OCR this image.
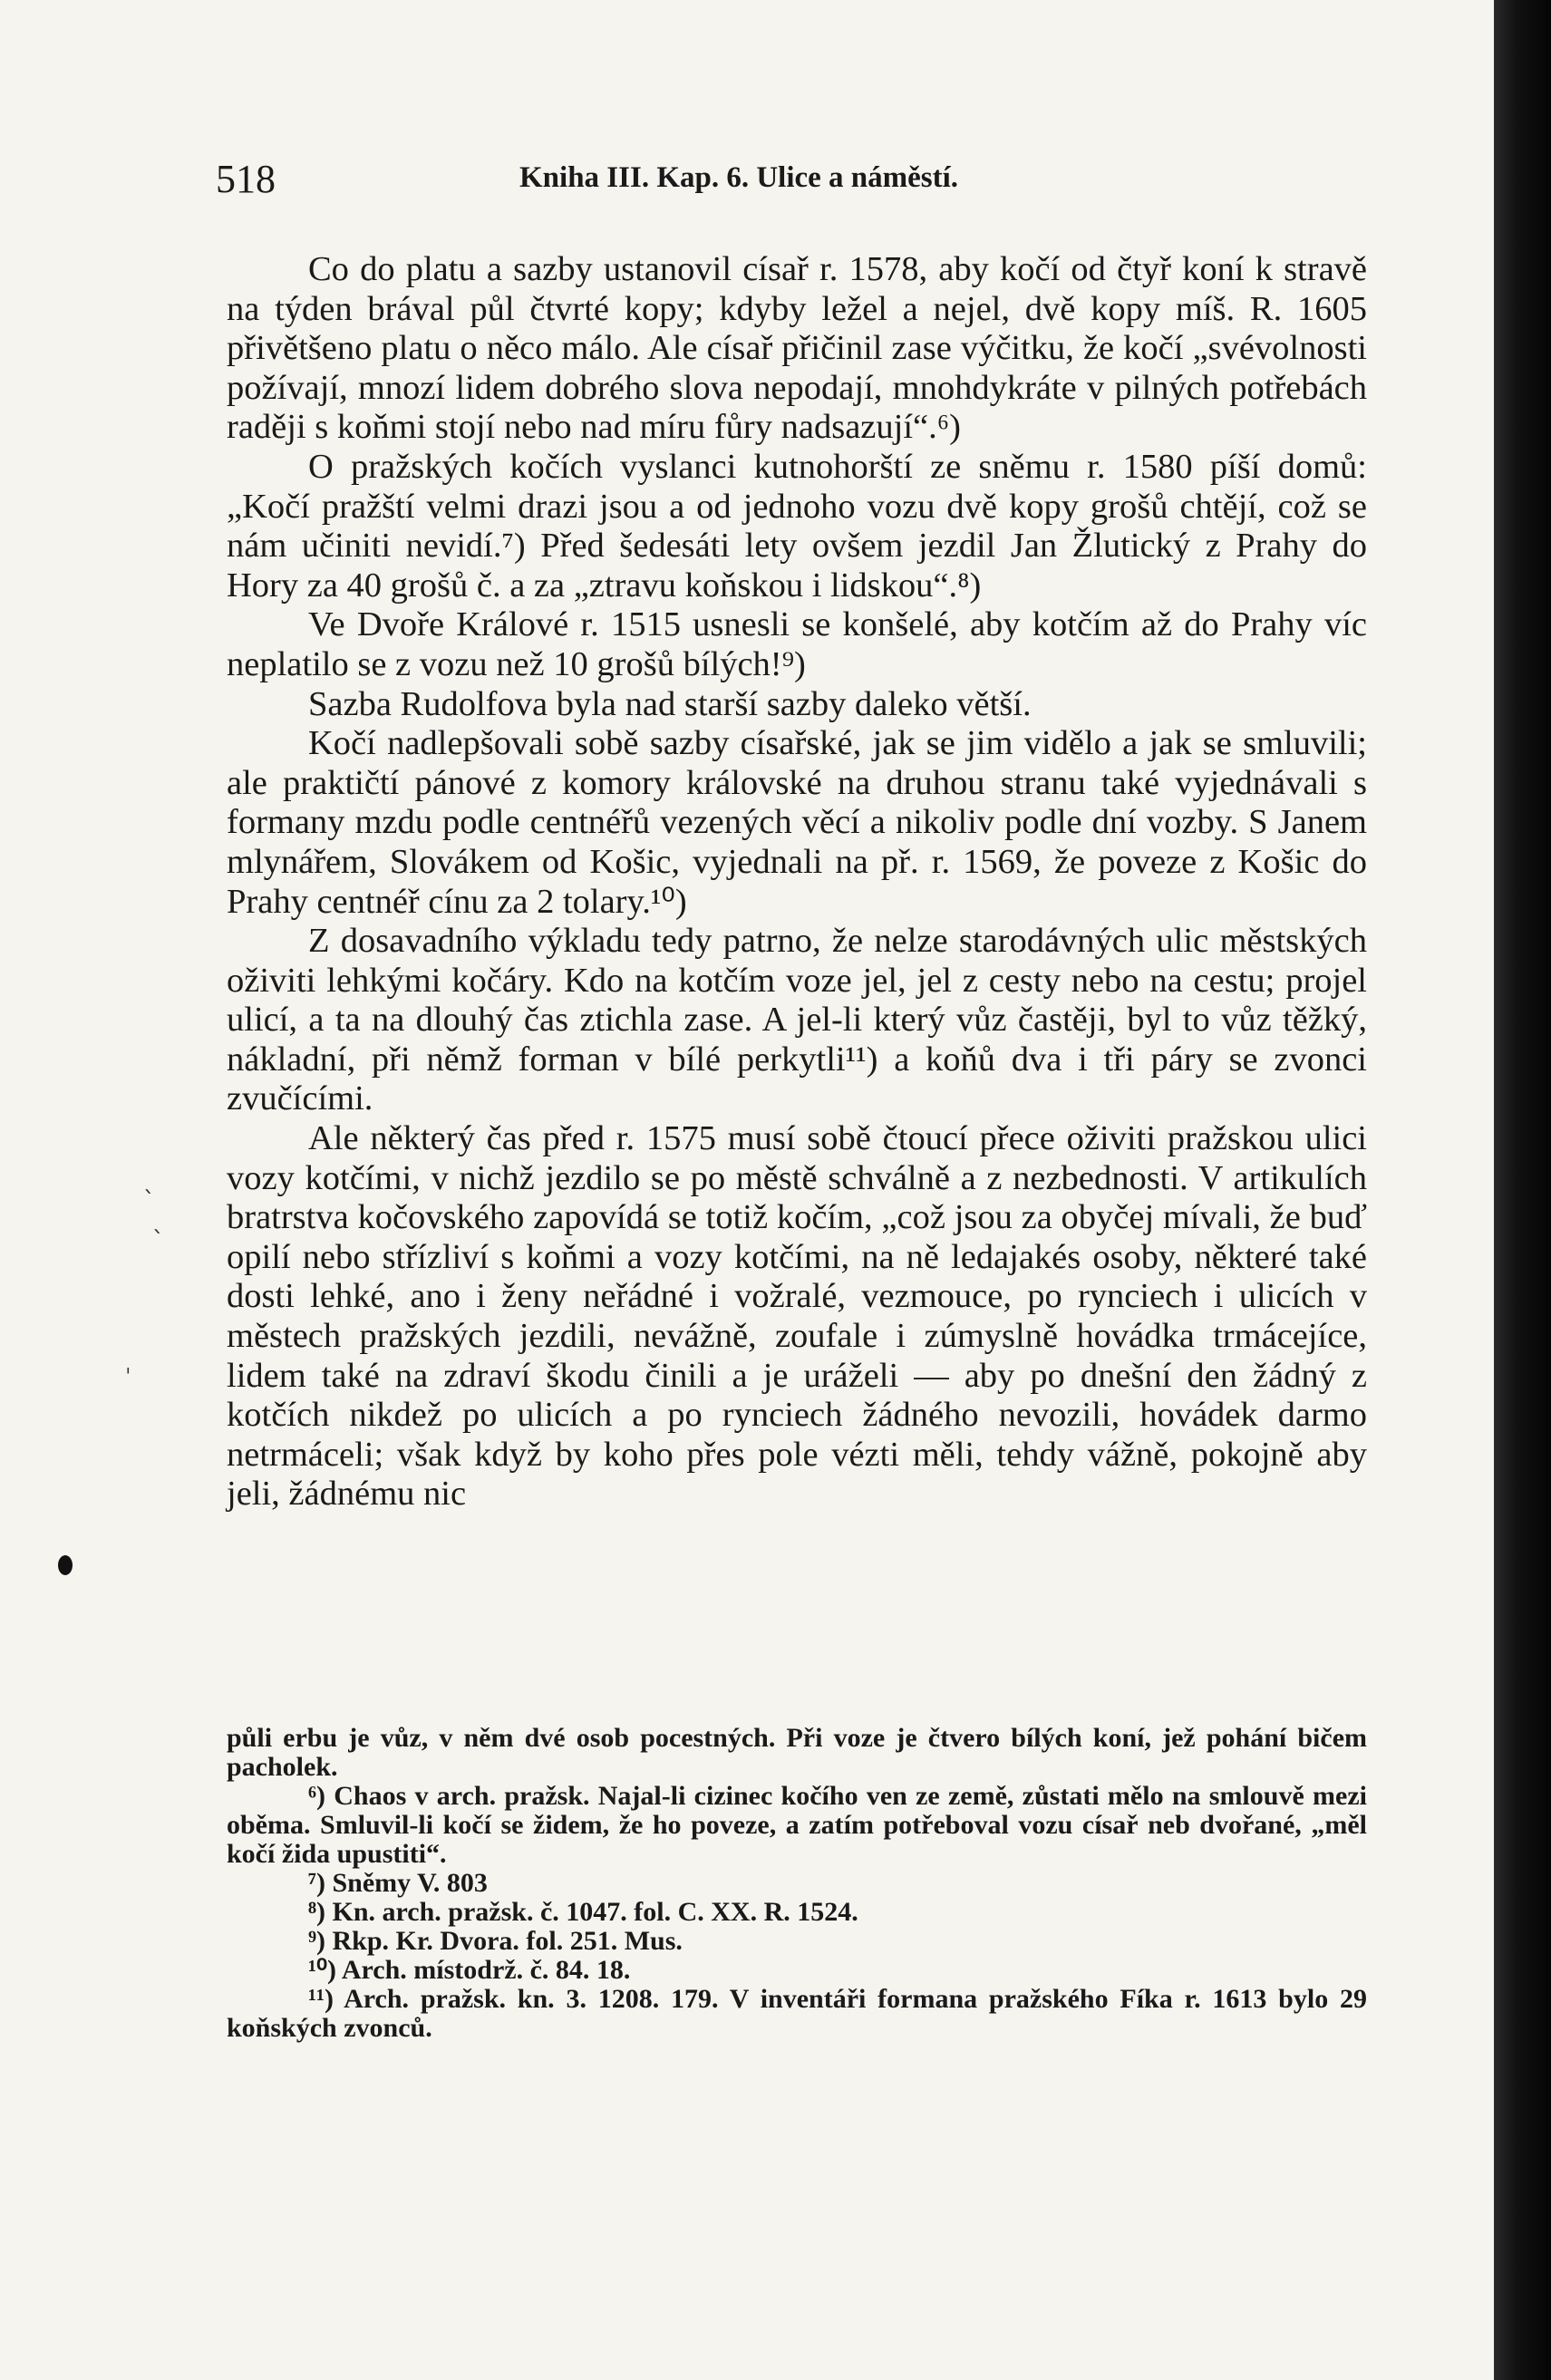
518	Kniha III. Kap. 6. Ulice a náměstí.

Co do platu a sazby ustanovil císař r. 1578, aby kočí od čtyř koní k stravě na týden brával půl čtvrté kopy; kdyby ležel a nejel, dvě kopy míš. R. 1605 přivětšeno platu o něco málo. Ale císař přičinil zase výčitku, že kočí „svévolnosti požívají, mnozí lidem dobrého slova nepodají, mnohdykráte v pilných potřebách raději s koňmi stojí nebo nad míru fůry nadsazují“.⁶)

O pražských kočích vyslanci kutnohorští ze sněmu r. 1580 píší domů: „Kočí pražští velmi drazi jsou a od jednoho vozu dvě kopy grošů chtějí, což se nám učiniti nevidí.⁷) Před šedesáti lety ovšem jezdil Jan Žlutický z Prahy do Hory za 40 grošů č. a za „ztravu koňskou i lidskou“.⁸)

Ve Dvoře Králové r. 1515 usnesli se konšelé, aby kotčím až do Prahy víc neplatilo se z vozu než 10 grošů bílých!⁹)

Sazba Rudolfova byla nad starší sazby daleko větší.

Kočí nadlepšovali sobě sazby císařské, jak se jim vidělo a jak se smluvili; ale praktičtí pánové z komory královské na druhou stranu také vyjednávali s formany mzdu podle centnéřů vezených věcí a nikoliv podle dní vozby. S Janem mlynářem, Slovákem od Košic, vyjednali na př. r. 1569, že poveze z Košic do Prahy centnéř cínu za 2 tolary.¹⁰)

Z dosavadního výkladu tedy patrno, že nelze starodávných ulic městských oživiti lehkými kočáry. Kdo na kotčím voze jel, jel z cesty nebo na cestu; projel ulicí, a ta na dlouhý čas ztichla zase. A jel-li který vůz častěji, byl to vůz těžký, nákladní, při němž forman v bílé perkytli¹¹) a koňů dva i tři páry se zvonci zvučícími.

Ale některý čas před r. 1575 musí sobě čtoucí přece oživiti pražskou ulici vozy kotčími, v nichž jezdilo se po městě schválně a z nezbednosti. V artikulích bratrstva kočovského zapovídá se totiž kočím, „což jsou za obyčej mívali, že buď opilí nebo střízliví s koňmi a vozy kotčími, na ně ledajakés osoby, některé také dosti lehké, ano i ženy neřádné i vožralé, vezmouce, po rynciech i ulicích v městech pražských jezdili, nevážně, zoufale i zúmyslně hovádka trmácejíce, lidem také na zdraví škodu činili a je uráželi — aby po dnešní den žádný z kotčích nikdež po ulicích a po rynciech žádného nevozili, hovádek darmo netrmáceli; však když by koho přes pole vézti měli, tehdy vážně, pokojně aby jeli, žádnému nic

půli erbu je vůz, v něm dvé osob pocestných. Při voze je čtvero bílých koní, jež pohání bičem pacholek.

⁶) Chaos v arch. pražsk. Najal-li cizinec kočího ven ze země, zůstati mělo na smlouvě mezi oběma. Smluvil-li kočí se židem, že ho poveze, a zatím potřeboval vozu císař neb dvořané, „měl kočí žida upustiti“.

⁷) Sněmy V. 803

⁸) Kn. arch. pražsk. č. 1047. fol. C. XX. R. 1524.

⁹) Rkp. Kr. Dvora. fol. 251. Mus.

¹⁰) Arch. místodrž. č. 84. 18.

¹¹) Arch. pražsk. kn. 3. 1208. 179. V inventáři formana pražského Fíka r. 1613 bylo 29 koňských zvonců.

ˋ
ˋ
ˌ
